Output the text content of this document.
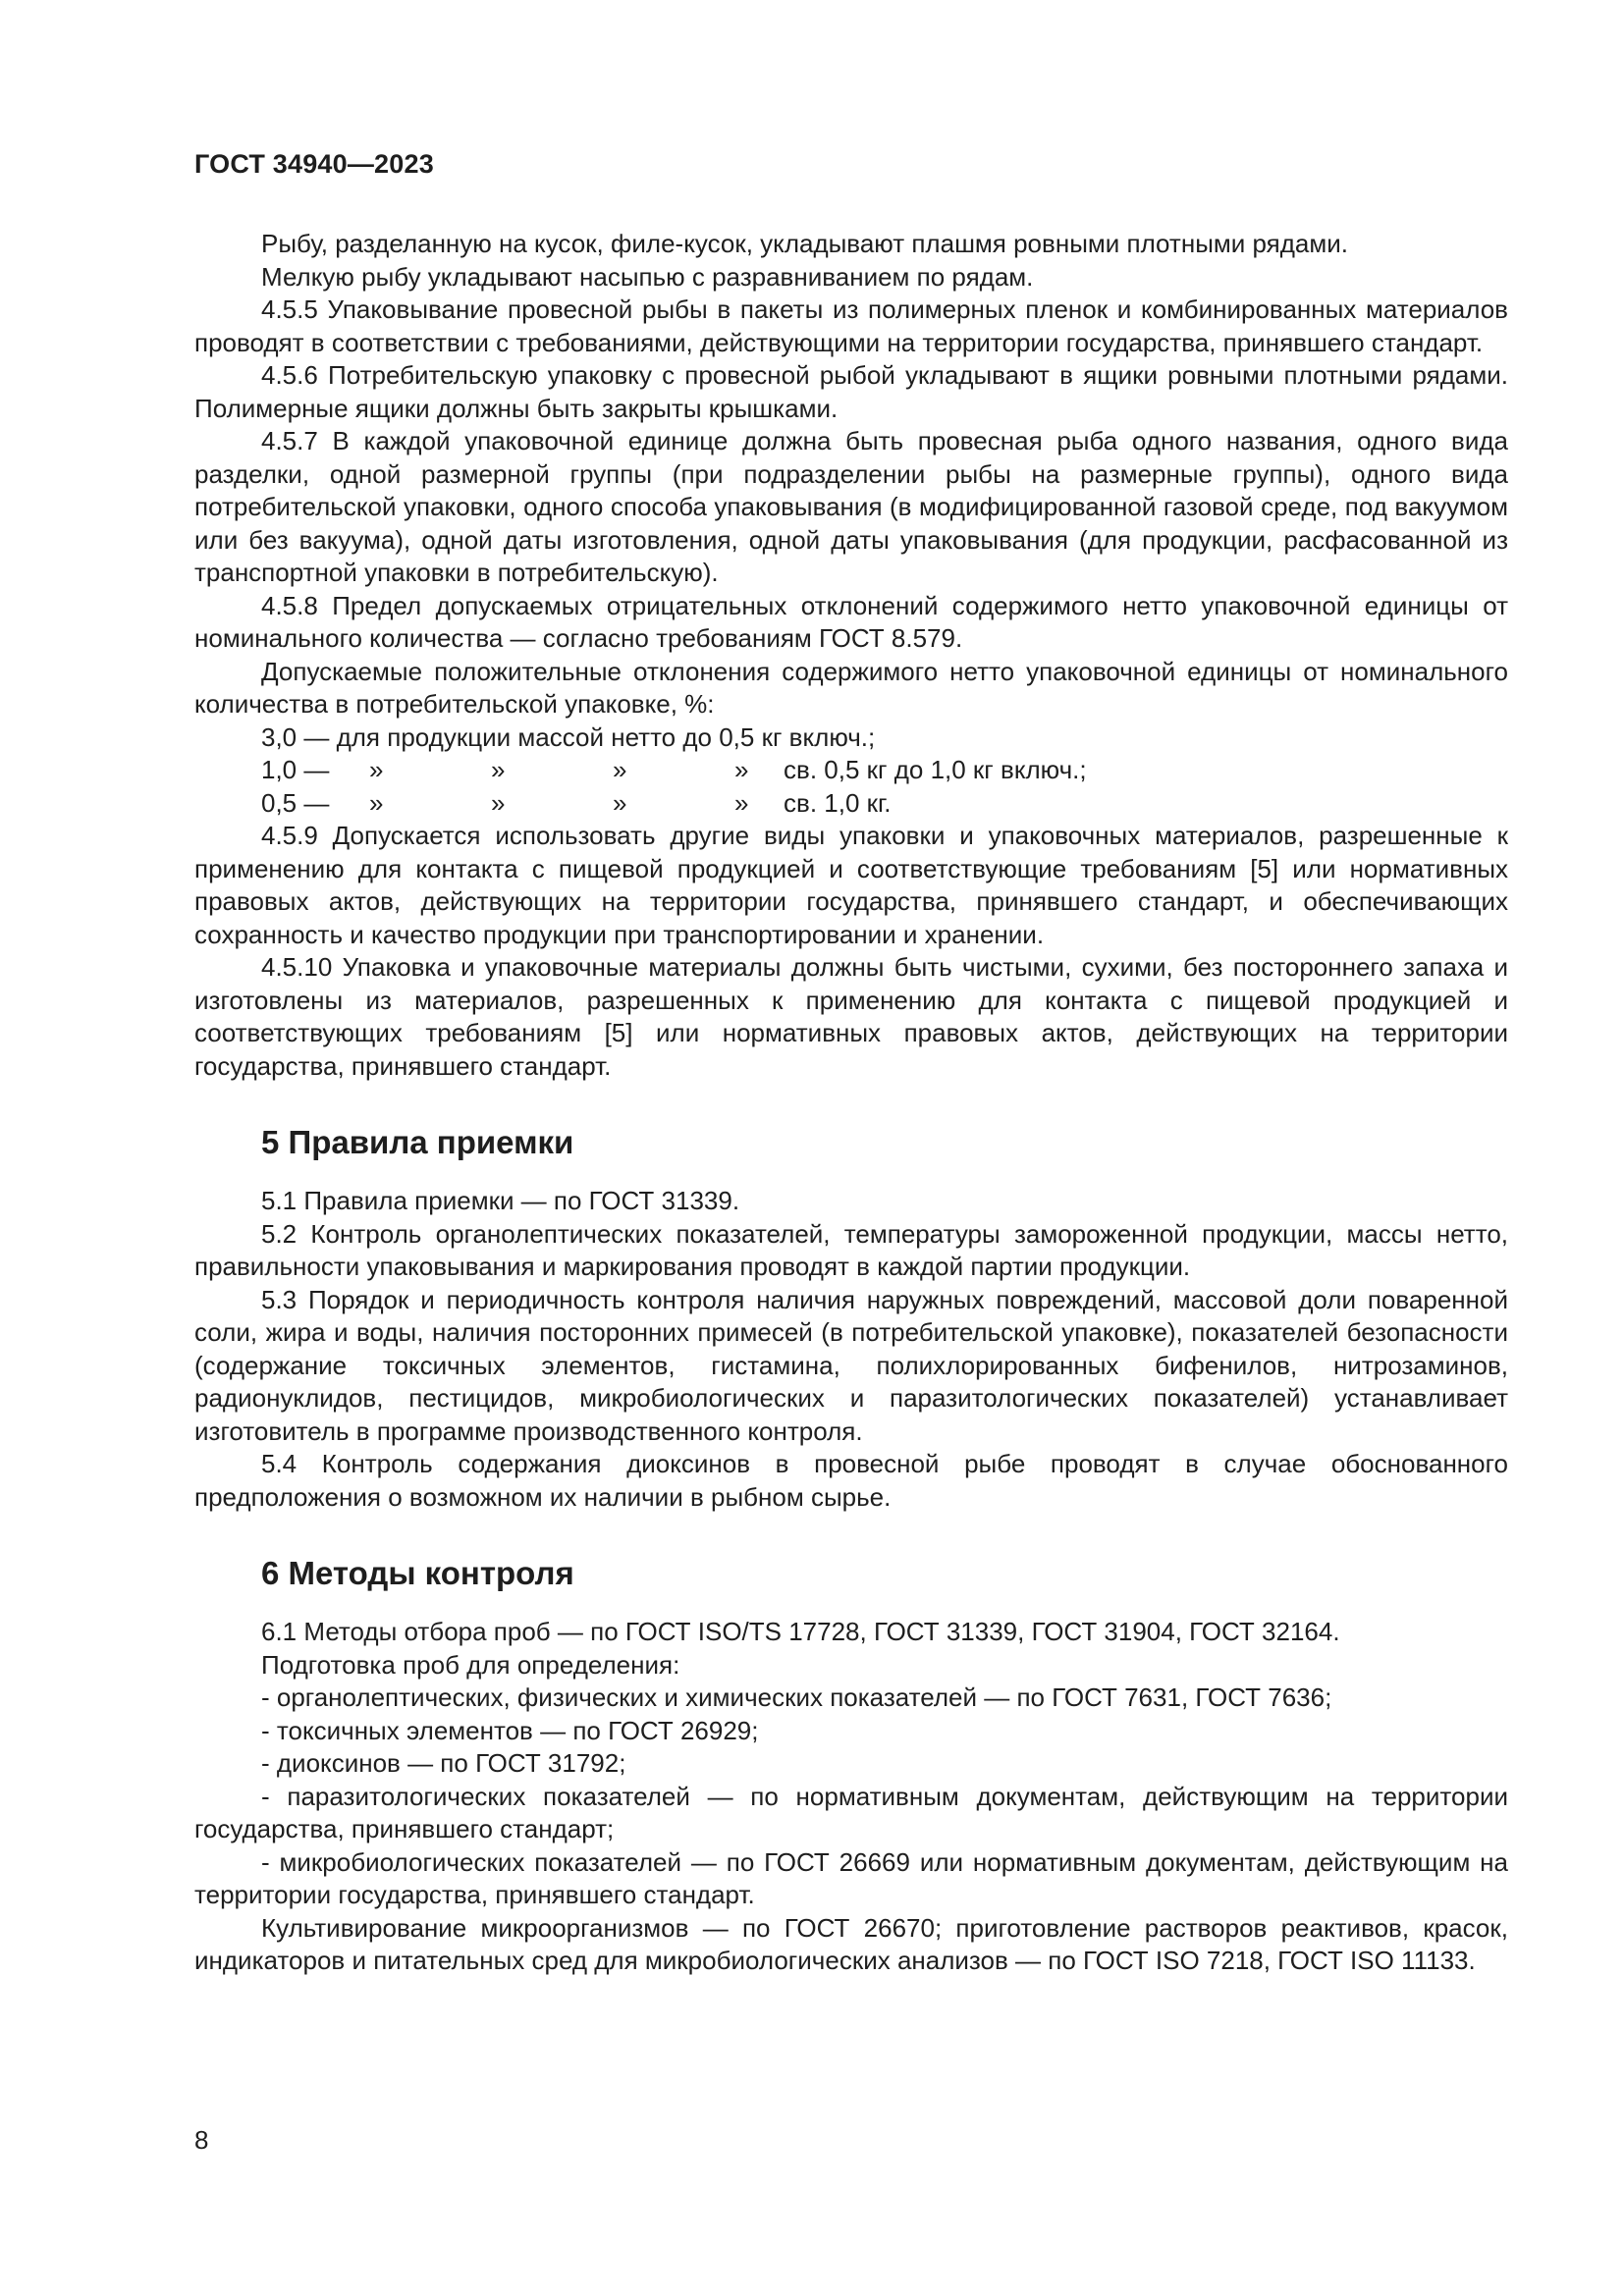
ГОСТ 34940—2023

Рыбу, разделанную на кусок, филе-кусок, укладывают плашмя ровными плотными рядами.

Мелкую рыбу укладывают насыпью с разравниванием по рядам.

4.5.5 Упаковывание провесной рыбы в пакеты из полимерных пленок и комбинированных материалов проводят в соответствии с требованиями, действующими на территории государства, принявшего стандарт.

4.5.6 Потребительскую упаковку с провесной рыбой укладывают в ящики ровными плотными рядами. Полимерные ящики должны быть закрыты крышками.

4.5.7 В каждой упаковочной единице должна быть провесная рыба одного названия, одного вида разделки, одной размерной группы (при подразделении рыбы на размерные группы), одного вида потребительской упаковки, одного способа упаковывания (в модифицированной газовой среде, под вакуумом или без вакуума), одной даты изготовления, одной даты упаковывания (для продукции, расфасованной из транспортной упаковки в потребительскую).

4.5.8 Предел допускаемых отрицательных отклонений содержимого нетто упаковочной единицы от номинального количества — согласно требованиям ГОСТ 8.579.

Допускаемые положительные отклонения содержимого нетто упаковочной единицы от номинального количества в потребительской упаковке, %:

3,0 — для продукции массой нетто до 0,5 кг включ.;

1,0 —	»	»	»	»	св. 0,5 кг до 1,0 кг включ.;
0,5 —	»	»	»	»	св. 1,0 кг.

4.5.9 Допускается использовать другие виды упаковки и упаковочных материалов, разрешенные к применению для контакта с пищевой продукцией и соответствующие требованиям [5] или нормативных правовых актов, действующих на территории государства, принявшего стандарт, и обеспечивающих сохранность и качество продукции при транспортировании и хранении.

4.5.10 Упаковка и упаковочные материалы должны быть чистыми, сухими, без постороннего запаха и изготовлены из материалов, разрешенных к применению для контакта с пищевой продукцией и соответствующих требованиям [5] или нормативных правовых актов, действующих на территории государства, принявшего стандарт.

5 Правила приемки

5.1 Правила приемки — по ГОСТ 31339.

5.2 Контроль органолептических показателей, температуры замороженной продукции, массы нетто, правильности упаковывания и маркирования проводят в каждой партии продукции.

5.3 Порядок и периодичность контроля наличия наружных повреждений, массовой доли поваренной соли, жира и воды, наличия посторонних примесей (в потребительской упаковке), показателей безопасности (содержание токсичных элементов, гистамина, полихлорированных бифенилов, нитрозаминов, радионуклидов, пестицидов, микробиологических и паразитологических показателей) устанавливает изготовитель в программе производственного контроля.

5.4 Контроль содержания диоксинов в провесной рыбе проводят в случае обоснованного предположения о возможном их наличии в рыбном сырье.

6 Методы контроля

6.1 Методы отбора проб — по ГОСТ ISO/TS 17728, ГОСТ 31339, ГОСТ 31904, ГОСТ 32164.

Подготовка проб для определения:

- органолептических, физических и химических показателей — по ГОСТ 7631, ГОСТ 7636;

- токсичных элементов — по ГОСТ 26929;

- диоксинов — по ГОСТ 31792;

- паразитологических показателей — по нормативным документам, действующим на территории государства, принявшего стандарт;

- микробиологических показателей — по ГОСТ 26669 или нормативным документам, действующим на территории государства, принявшего стандарт.

Культивирование микроорганизмов — по ГОСТ 26670; приготовление растворов реактивов, красок, индикаторов и питательных сред для микробиологических анализов — по ГОСТ ISO 7218, ГОСТ ISO 11133.

8
